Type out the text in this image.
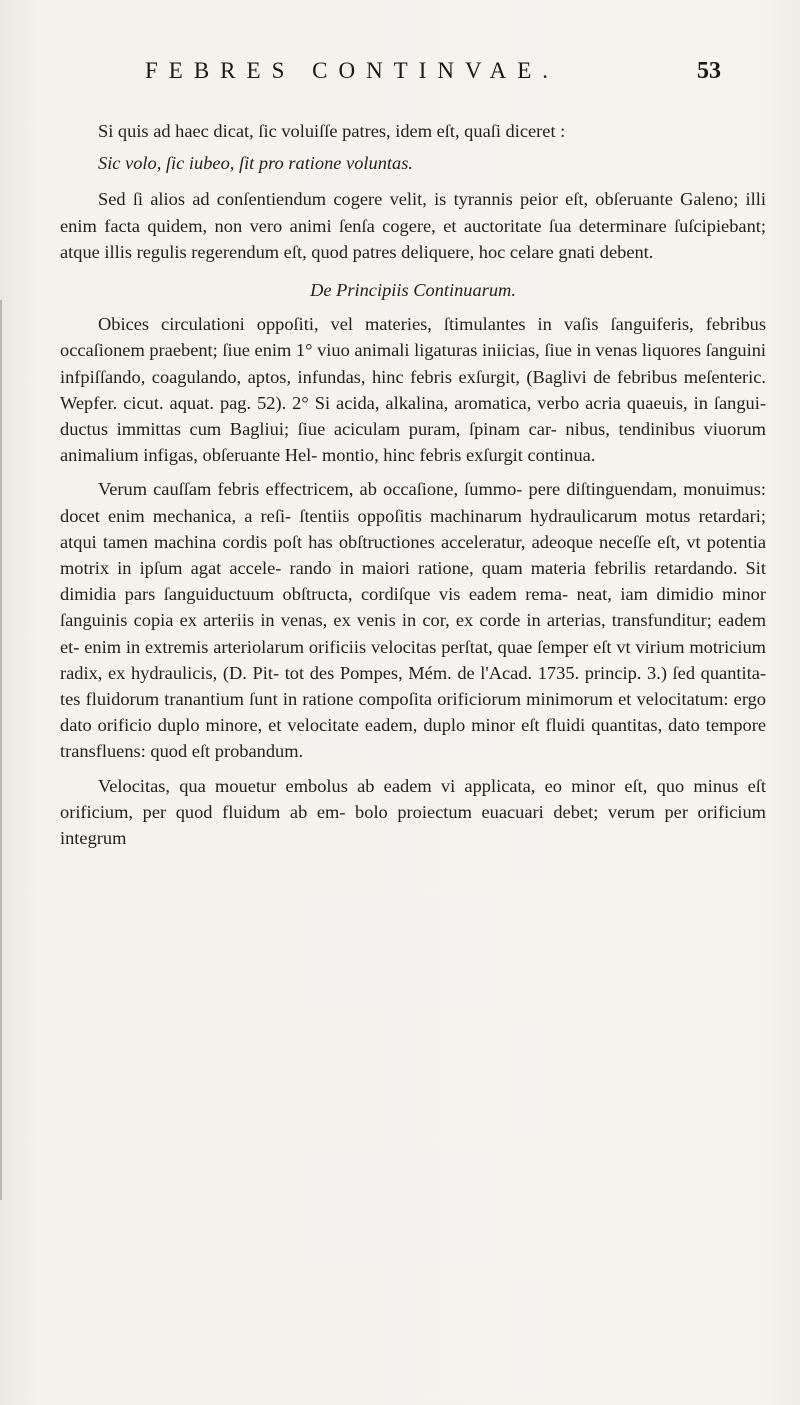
FEBRES CONTINVAE.	53

Si quis ad haec dicat, ſic voluiſſe patres, idem eſt, quaſi diceret :

Sic volo, ſic iubeo, ſit pro ratione voluntas.

Sed ſi alios ad conſentiendum cogere velit, is tyrannis peior eſt, obſeruante Galeno; illi enim facta quidem, non vero animi ſenſa cogere, et auctoritate ſua determinare ſuſcipiebant; atque illis regulis regerendum eſt, quod patres deliquere, hoc celare gnati debent.

De Principiis Continuarum.

Obices circulationi oppoſiti, vel materies, ſtimulantes in vaſis ſanguiferis, febribus occaſionem praebent; ſiue enim 1° viuo animali ligaturas iniicias, ſiue in venas liquores ſanguini infpiſſando, coagulando, aptos, infundas, hinc febris exſurgit, (Baglivi de febribus meſenteric. Wepfer. cicut. aquat. pag. 52). 2° Si acida, alkalina, aromatica, verbo acria quaeuis, in ſangui- ductus immittas cum Bagliui; ſiue aciculam puram, ſpinam car- nibus, tendinibus viuorum animalium infigas, obſeruante Hel- montio, hinc febris exſurgit continua.

Verum cauſſam febris effectricem, ab occaſione, ſummo- pere diſtinguendam, monuimus: docet enim mechanica, a reſi- ſtentiis oppoſitis machinarum hydraulicarum motus retardari; atqui tamen machina cordis poſt has obſtructiones acceleratur, adeoque neceſſe eſt, vt potentia motrix in ipſum agat accele- rando in maiori ratione, quam materia febrilis retardando. Sit dimidia pars ſanguiductuum obſtructa, cordiſque vis eadem rema- neat, iam dimidio minor ſanguinis copia ex arteriis in venas, ex venis in cor, ex corde in arterias, transfunditur; eadem et- enim in extremis arteriolarum orificiis velocitas perſtat, quae ſemper eſt vt virium motricium radix, ex hydraulicis, (D. Pit- tot des Pompes, Mém. de l'Acad. 1735. princip. 3.) ſed quantita- tes fluidorum tranantium ſunt in ratione compoſita orificiorum minimorum et velocitatum: ergo dato orificio duplo minore, et velocitate eadem, duplo minor eſt fluidi quantitas, dato tempore transfluens: quod eſt probandum.

Velocitas, qua mouetur embolus ab eadem vi applicata, eo minor eſt, quo minus eſt orificium, per quod fluidum ab em- bolo proiectum euacuari debet; verum per orificium integrum
